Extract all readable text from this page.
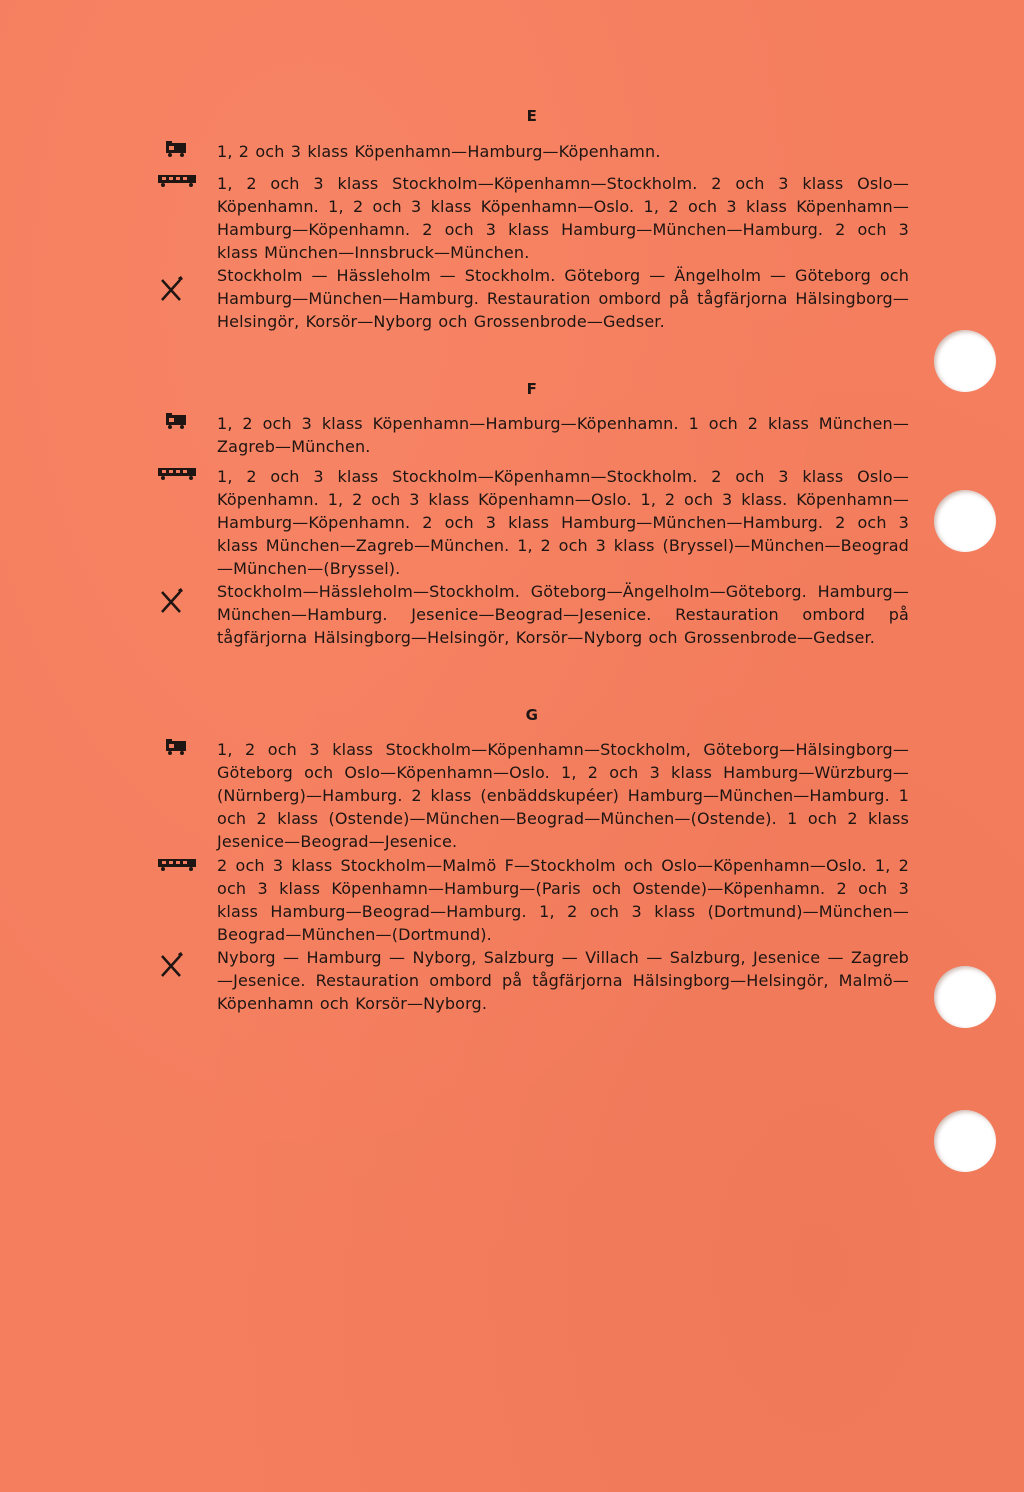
E
1, 2 och 3 klass Köpenhamn—Hamburg—Köpenhamn.
1, 2 och 3 klass Stockholm—Köpenhamn—Stockholm. 2 och 3 klass Oslo—Köpenhamn. 1, 2 och 3 klass Köpenhamn—Oslo. 1, 2 och 3 klass Köpenhamn—Hamburg—Köpenhamn. 2 och 3 klass Hamburg—München—Hamburg. 2 och 3 klass München—Innsbruck—München.
Stockholm — Hässleholm — Stockholm. Göteborg — Ängelholm — Göteborg och Hamburg—München—Hamburg. Restauration ombord på tågfärjorna Hälsingborg—Helsingör, Korsör—Nyborg och Grossenbrode—Gedser.
F
1, 2 och 3 klass Köpenhamn—Hamburg—Köpenhamn. 1 och 2 klass München—Zagreb—München.
1, 2 och 3 klass Stockholm—Köpenhamn—Stockholm. 2 och 3 klass Oslo—Köpenhamn. 1, 2 och 3 klass Köpenhamn—Oslo. 1, 2 och 3 klass. Köpenhamn—Hamburg—Köpenhamn. 2 och 3 klass Hamburg—München—Hamburg. 2 och 3 klass München—Zagreb—München. 1, 2 och 3 klass (Bryssel)—München—Beograd—München—(Bryssel).
Stockholm—Hässleholm—Stockholm. Göteborg—Ängelholm—Göteborg. Hamburg—München—Hamburg. Jesenice—Beograd—Jesenice. Restauration ombord på tågfärjorna Hälsingborg—Helsingör, Korsör—Nyborg och Grossenbrode—Gedser.
G
1, 2 och 3 klass Stockholm—Köpenhamn—Stockholm, Göteborg—Hälsingborg—Göteborg och Oslo—Köpenhamn—Oslo. 1, 2 och 3 klass Hamburg—Würzburg—(Nürnberg)—Hamburg. 2 klass (enbäddskupéer) Hamburg—München—Hamburg. 1 och 2 klass (Ostende)—München—Beograd—München—(Ostende). 1 och 2 klass Jesenice—Beograd—Jesenice.
2 och 3 klass Stockholm—Malmö F—Stockholm och Oslo—Köpenhamn—Oslo. 1, 2 och 3 klass Köpenhamn—Hamburg—(Paris och Ostende)—Köpenhamn. 2 och 3 klass Hamburg—Beograd—Hamburg. 1, 2 och 3 klass (Dortmund)—München—Beograd—München—(Dortmund).
Nyborg — Hamburg — Nyborg, Salzburg — Villach — Salzburg, Jesenice — Zagreb—Jesenice. Restauration ombord på tågfärjorna Hälsingborg—Helsingör, Malmö—Köpenhamn och Korsör—Nyborg.
